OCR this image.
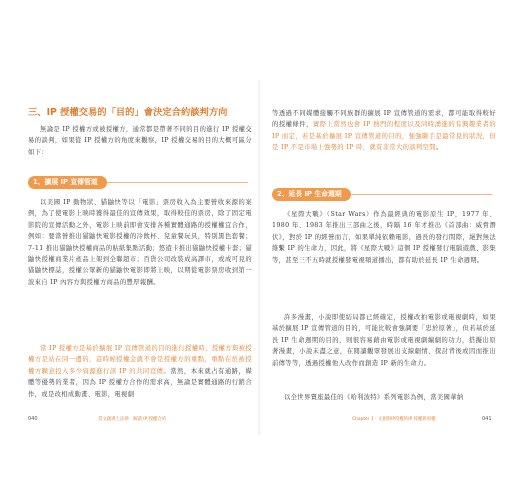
三、IP 授權交易的「目的」會決定合約談判方向
無論是 IP 授權方或被授權方，通常都是帶著不同的目的進行 IP 授權交易的談判，如果從 IP 授權方的角度來觀察，IP 授權交易的目的大概可區分如下：
1、擴展 IP 宣傳管道
以美國 IP 動物狀、貓鼬快等以「電影」票房收入為主要營收來源的案例，為了使電影上映時獲得最佳的宣傳效果，取得較佳的票房，除了固定電影院的宣傳活動之外，電影上映前即會安排各種實體通路的授權權宜合作，例如：要當營推出貓鼬快電影授權的冷飲杯、兒童餐玩具，特別黑色套餐；7-11 推出貓鼬快授權商品的貼紙集點活動；悠遊卡推出貓鼬快授權卡套；貓鼬快授權商業片產品上架到全聯超市；百貨公司改裝成高譯市，或成可見的貓鼬快標誌，授權公眾新的貓鼬快電影即將上映，以期從電影票房收到第一波來自 IP 內容方與授權方商品的豐厚報酬。
當 IP 授權方是基於擴展 IP 宣傳管道的目的進行授權時，授權方與被授權方是站在同一邊的，這時候授權金就不會是授權方的重點，重點在於被授權方願意投入多少資源進行該 IP 的共同宣傳。當然，本來就占有通路，媒體等優勢的業者，因為 IP 授權方合作的需求高，無論是實體通路的行銷合作，或是改相成動畫、電影，電視劇
040	當文創遇上法律：解讀 IP 授權合約
等透過不同媒體接觸不同族群的擴展 IP 宣傳管道的需求，都可能取得較好的授權條件，實際上當然也會 IP 熱門的程度以及同時湧進的有興趣業者的 IP 而定，若是基於擴展 IP 宣傳管道的目的，強強聯手是最常見的狀況，但是 IP 不是市場上強勢的 IP 時，就有非常大的談判空間。
2、延長 IP 生命週期
《星際大戰》（Star Wars）作為最經典的電影原生 IP，1977 年、1980 年、1983 年推出三部曲之後，時隔 16 年才推出《首部曲：威脅潛伏》，對於 IP 的經營而言，如果單純依賴電影，過長的發行間際，絕對無法維繫 IP 的生命力，因此，將《星際大戰》這個 IP 授權發行電腦遊戲、影集等，甚至三不五時就授權發電視頻道播出，都有助於延長 IP 生命週期。
許多漫畫，小說即使結局都已經確定，授權改拍電影或電視劇時，如果基於擴展 IP 宣傳管道的目的，可能比較會強調要「忠於原著」，但若基於延長 IP 生命週期的目的，則很容易藉由電影或電視劇編劇的功力，搭擬出原著漫畫，小說未盡之意，在閱讀觀眾發展出支線劇情，探討背後或因而推出前傳等等，透過授權他人改作而創造 IP 新的生命力。
以全世界賣座最佳的《哈利波特》系列電影為例，當美國華納
Chapter 1 ‧ 文創與IP授權的IP 授權與原權	041
